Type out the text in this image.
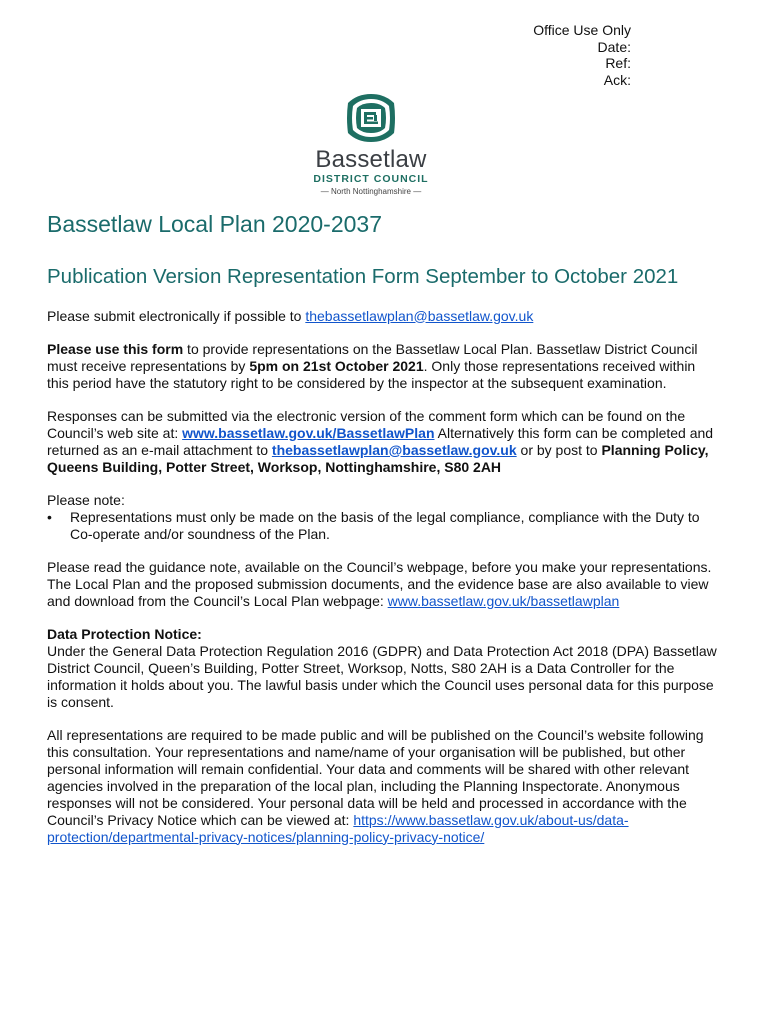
Office Use Only
Date:
Ref:
Ack:
Bassetlaw
DISTRICT COUNCIL
— North Nottinghamshire —
Bassetlaw Local Plan 2020-2037
Publication Version Representation Form September to October 2021

Please submit electronically if possible to thebassetlawplan@bassetlaw.gov.uk

Please use this form to provide representations on the Bassetlaw Local Plan. Bassetlaw District Council must receive representations by 5pm on 21st October 2021. Only those representations received within this period have the statutory right to be considered by the inspector at the subsequent examination.

Responses can be submitted via the electronic version of the comment form which can be found on the Council’s web site at: www.bassetlaw.gov.uk/BassetlawPlan Alternatively this form can be completed and returned as an e-mail attachment to thebassetlawplan@bassetlaw.gov.uk or by post to Planning Policy, Queens Building, Potter Street, Worksop, Nottinghamshire, S80 2AH

Please note:
• Representations must only be made on the basis of the legal compliance, compliance with the Duty to Co-operate and/or soundness of the Plan.

Please read the guidance note, available on the Council’s webpage, before you make your representations. The Local Plan and the proposed submission documents, and the evidence base are also available to view and download from the Council’s Local Plan webpage: www.bassetlaw.gov.uk/bassetlawplan

Data Protection Notice:
Under the General Data Protection Regulation 2016 (GDPR) and Data Protection Act 2018 (DPA) Bassetlaw District Council, Queen’s Building, Potter Street, Worksop, Notts, S80 2AH is a Data Controller for the information it holds about you. The lawful basis under which the Council uses personal data for this purpose is consent.

All representations are required to be made public and will be published on the Council’s website following this consultation. Your representations and name/name of your organisation will be published, but other personal information will remain confidential. Your data and comments will be shared with other relevant agencies involved in the preparation of the local plan, including the Planning Inspectorate. Anonymous responses will not be considered. Your personal data will be held and processed in accordance with the Council’s Privacy Notice which can be viewed at: https://www.bassetlaw.gov.uk/about-us/data-protection/departmental-privacy-notices/planning-policy-privacy-notice/
